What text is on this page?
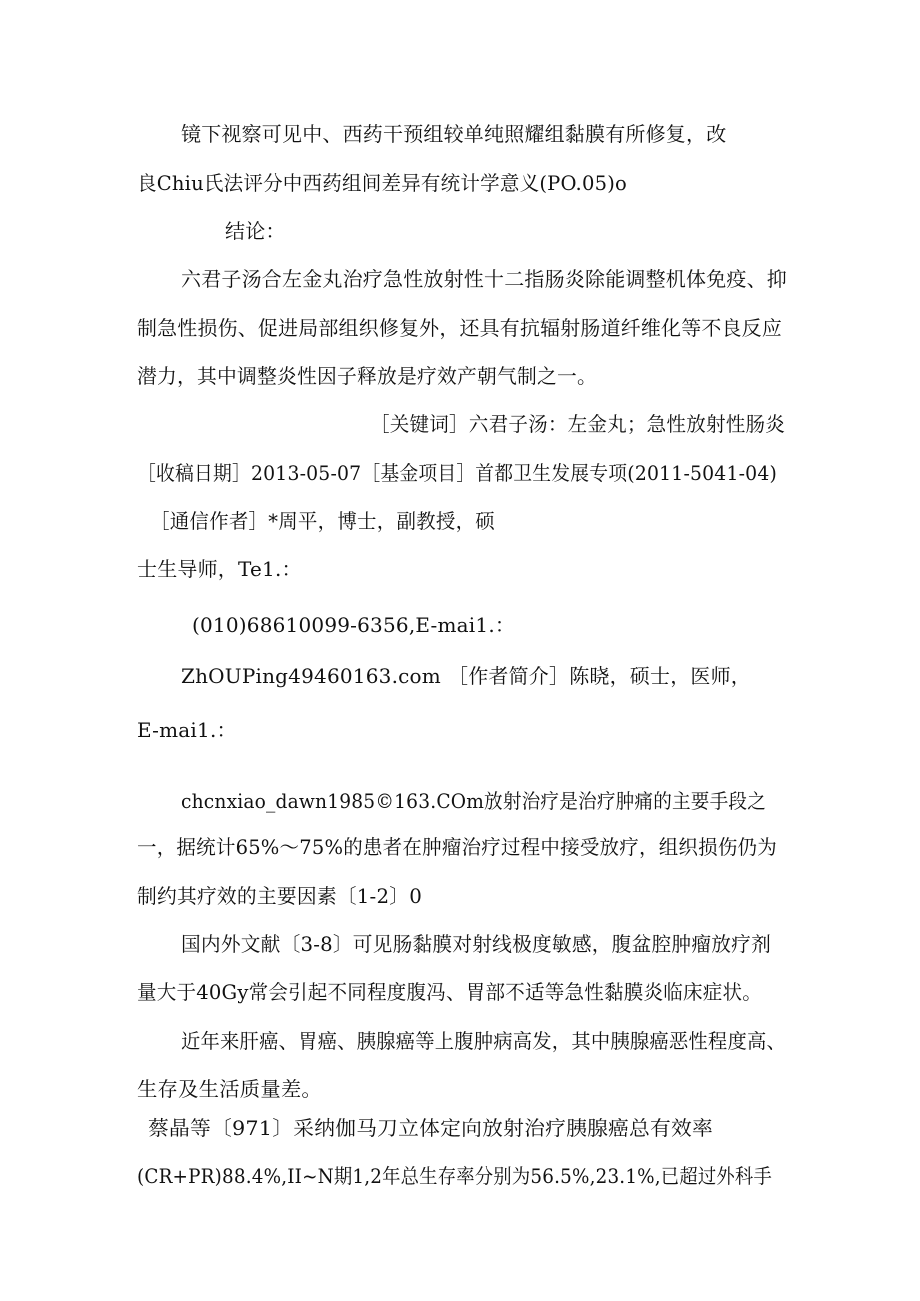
镜下视察可见中、西药干预组较单纯照耀组黏膜有所修复，改
良Chiu氏法评分中西药组间差异有统计学意义(PO.05)o
结论：
六君子汤合左金丸治疗急性放射性十二指肠炎除能调整机体免疫、抑
制急性损伤、促进局部组织修复外，还具有抗辐射肠道纤维化等不良反应
潜力，其中调整炎性因子释放是疗效产朝气制之一。
［关键词］六君子汤：左金丸；急性放射性肠炎
［收稿日期］2013-05-07［基金项目］首都卫生发展专项(2011-5041-04)
［通信作者］*周平，博士，副教授，硕
士生导师，Te1.：
(010)68610099-6356,E-mai1.：
ZhOUPing49460163.com ［作者简介］陈晓，硕士，医师，
E-mai1.：
chcnxiao_dawn1985©163.COm放射治疗是治疗肿痛的主要手段之
一，据统计65%～75%的患者在肿瘤治疗过程中接受放疗，组织损伤仍为
制约其疗效的主要因素〔1-2〕0
国内外文献〔3-8〕可见肠黏膜对射线极度敏感，腹盆腔肿瘤放疗剂
量大于40Gy常会引起不同程度腹冯、胃部不适等急性黏膜炎临床症状。
近年来肝癌、胃癌、胰腺癌等上腹肿病高发，其中胰腺癌恶性程度高、
生存及生活质量差。
蔡晶等〔971〕采纳伽马刀立体定向放射治疗胰腺癌总有效率
(CR+PR)88.4%,II~N期1,2年总生存率分别为56.5%,23.1%,已超过外科手
